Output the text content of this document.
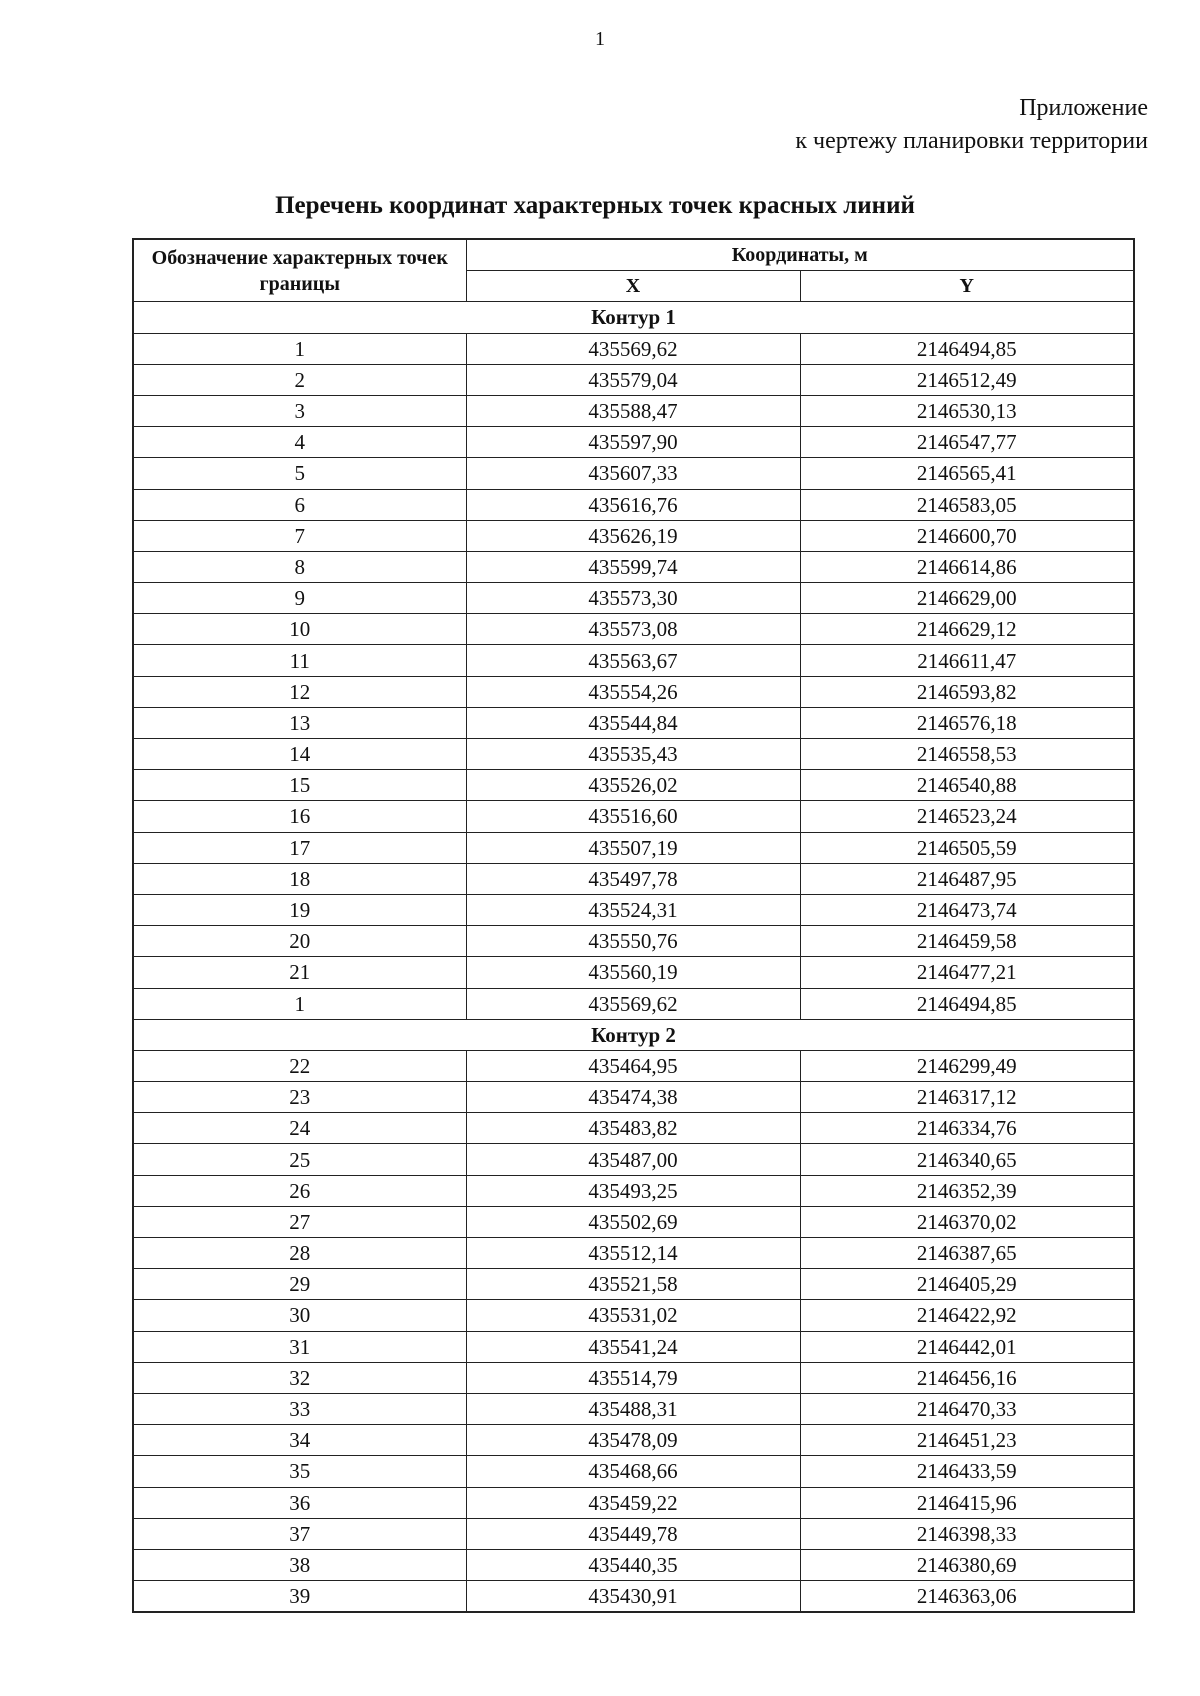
1
Приложение
к чертежу планировки территории
Перечень координат характерных точек красных линий
Обозначение характерных точек границы	Координаты, м	
	X	Y
Контур 1		
1	435569,62	2146494,85
2	435579,04	2146512,49
3	435588,47	2146530,13
4	435597,90	2146547,77
5	435607,33	2146565,41
6	435616,76	2146583,05
7	435626,19	2146600,70
8	435599,74	2146614,86
9	435573,30	2146629,00
10	435573,08	2146629,12
11	435563,67	2146611,47
12	435554,26	2146593,82
13	435544,84	2146576,18
14	435535,43	2146558,53
15	435526,02	2146540,88
16	435516,60	2146523,24
17	435507,19	2146505,59
18	435497,78	2146487,95
19	435524,31	2146473,74
20	435550,76	2146459,58
21	435560,19	2146477,21
1	435569,62	2146494,85
Контур 2		
22	435464,95	2146299,49
23	435474,38	2146317,12
24	435483,82	2146334,76
25	435487,00	2146340,65
26	435493,25	2146352,39
27	435502,69	2146370,02
28	435512,14	2146387,65
29	435521,58	2146405,29
30	435531,02	2146422,92
31	435541,24	2146442,01
32	435514,79	2146456,16
33	435488,31	2146470,33
34	435478,09	2146451,23
35	435468,66	2146433,59
36	435459,22	2146415,96
37	435449,78	2146398,33
38	435440,35	2146380,69
39	435430,91	2146363,06
